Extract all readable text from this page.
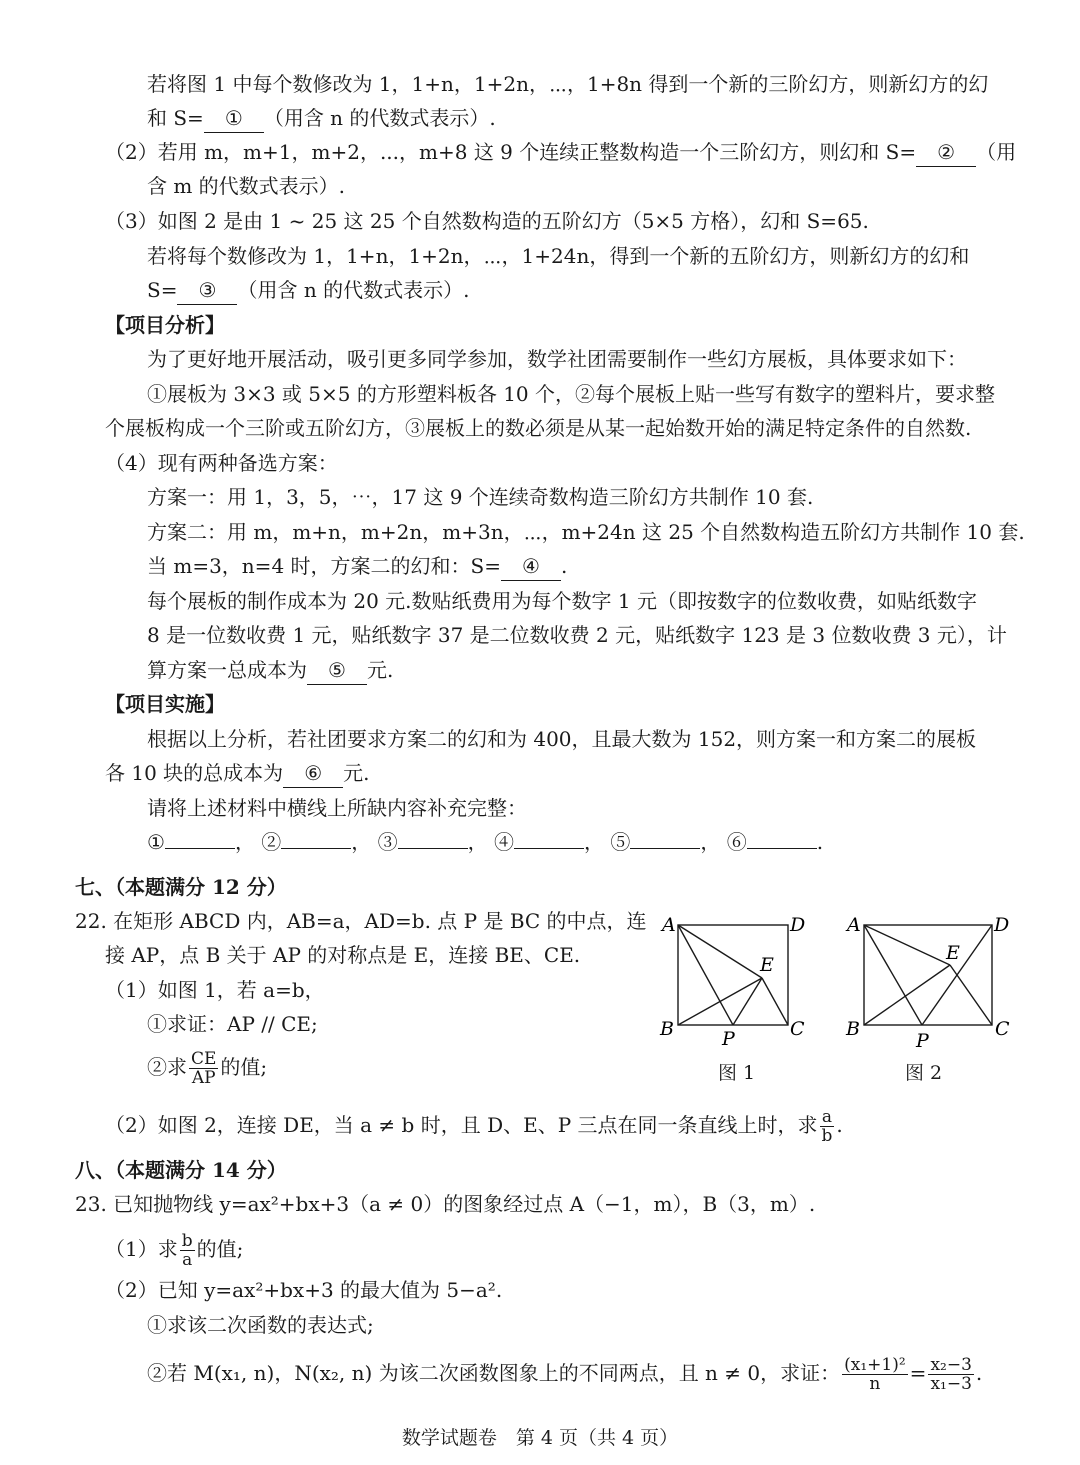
若将图 1 中每个数修改为 1，1+n，1+2n，⋯，1+8n 得到一个新的三阶幻方，则新幻方的幻
和 S= ① （用含 n 的代数式表示）.
（2）若用 m，m+1，m+2，...，m+8 这 9 个连续正整数构造一个三阶幻方，则幻和 S= ② （用
含 m 的代数式表示）.
（3）如图 2 是由 1 ~ 25 这 25 个自然数构造的五阶幻方（5×5 方格），幻和 S=65.
若将每个数修改为 1，1+n，1+2n，⋯，1+24n，得到一个新的五阶幻方，则新幻方的幻和
S= ③ （用含 n 的代数式表示）.
【项目分析】
为了更好地开展活动，吸引更多同学参加，数学社团需要制作一些幻方展板，具体要求如下：
①展板为 3×3 或 5×5 的方形塑料板各 10 个，②每个展板上贴一些写有数字的塑料片，要求整
个展板构成一个三阶或五阶幻方，③展板上的数必须是从某一起始数开始的满足特定条件的自然数.
（4）现有两种备选方案：
方案一：用 1，3，5，⋯，17 这 9 个连续奇数构造三阶幻方共制作 10 套.
方案二：用 m，m+n，m+2n，m+3n，⋯，m+24n 这 25 个自然数构造五阶幻方共制作 10 套.
当 m=3，n=4 时，方案二的幻和：S= ④ .
每个展板的制作成本为 20 元.数贴纸费用为每个数字 1 元（即按数字的位数收费，如贴纸数字
8 是一位数收费 1 元，贴纸数字 37 是二位数收费 2 元，贴纸数字 123 是 3 位数收费 3 元），计
算方案一总成本为 ⑤ 元.
【项目实施】
根据以上分析，若社团要求方案二的幻和为 400，且最大数为 152，则方案一和方案二的展板
各 10 块的总成本为 ⑥ 元.
请将上述材料中横线上所缺内容补充完整：
①	， ②	， ③	， ④	， ⑤	， ⑥	.
七、（本题满分 12 分）
22. 在矩形 ABCD 内，AB=a，AD=b. 点 P 是 BC 的中点，连
接 AP，点 B 关于 AP 的对称点是 E，连接 BE、CE.
（1）如图 1，若 a=b，
①求证：AP // CE;
②求 $\frac{CE}{AP}$ 的值;
（2）如图 2，连接 DE，当 a ≠ b 时，且 D、E、P 三点在同一条直线上时，求 $\frac{a}{b}$ .
八、（本题满分 14 分）
23. 已知抛物线 y=ax²+bx+3（a ≠ 0）的图象经过点 A（−1，m），B（3，m）.
（1）求 $\frac{b}{a}$ 的值;
（2）已知 y=ax²+bx+3 的最大值为 5−a².
①求该二次函数的表达式;
②若 M(x₁, n)，N(x₂, n) 为该二次函数图象上的不同两点，且 n ≠ 0，求证： $\frac{\text{(x₁+1)²}}{n} = \frac{\text{x₂−3}}{\text{x₁−3}}$ .
A	D
E
B	C
P
图 1
A	D
E
B	C
P
图 2
数学试题卷　第 4 页（共 4 页）
